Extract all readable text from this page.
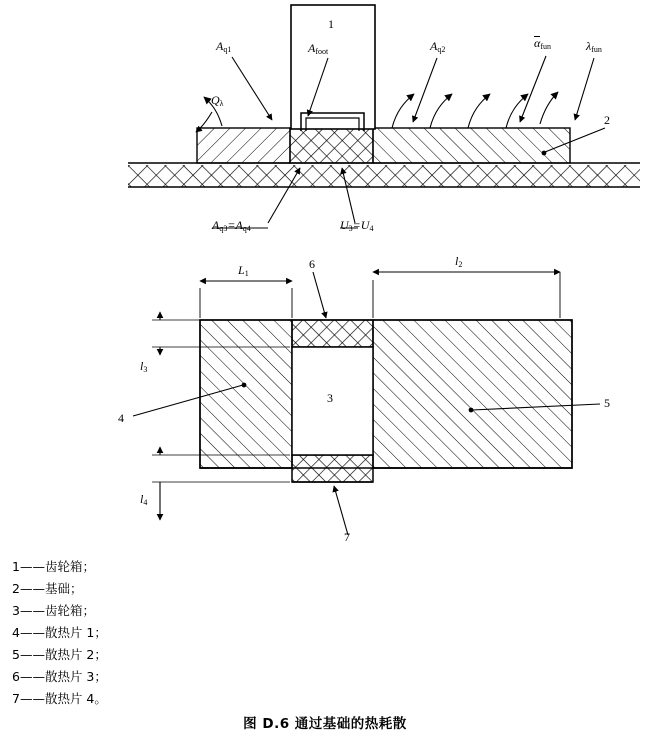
1
$A_{q1}$	$A_{foot}$	$A_{q2}$	$\alpha_{fun}$	$\lambda_{fun}$
$Q_\lambda$
2
$A_{q3}=A_{q4}$	$U_3=U_4$
$L_1$
$l_2$
$l_3$
$l_4$
3
4
5
6
7
1——齿轮箱；
2——基础；
3——齿轮箱；
4——散热片 1；
5——散热片 2；
6——散热片 3；
7——散热片 4。
图 D.6 通过基础的热耗散
